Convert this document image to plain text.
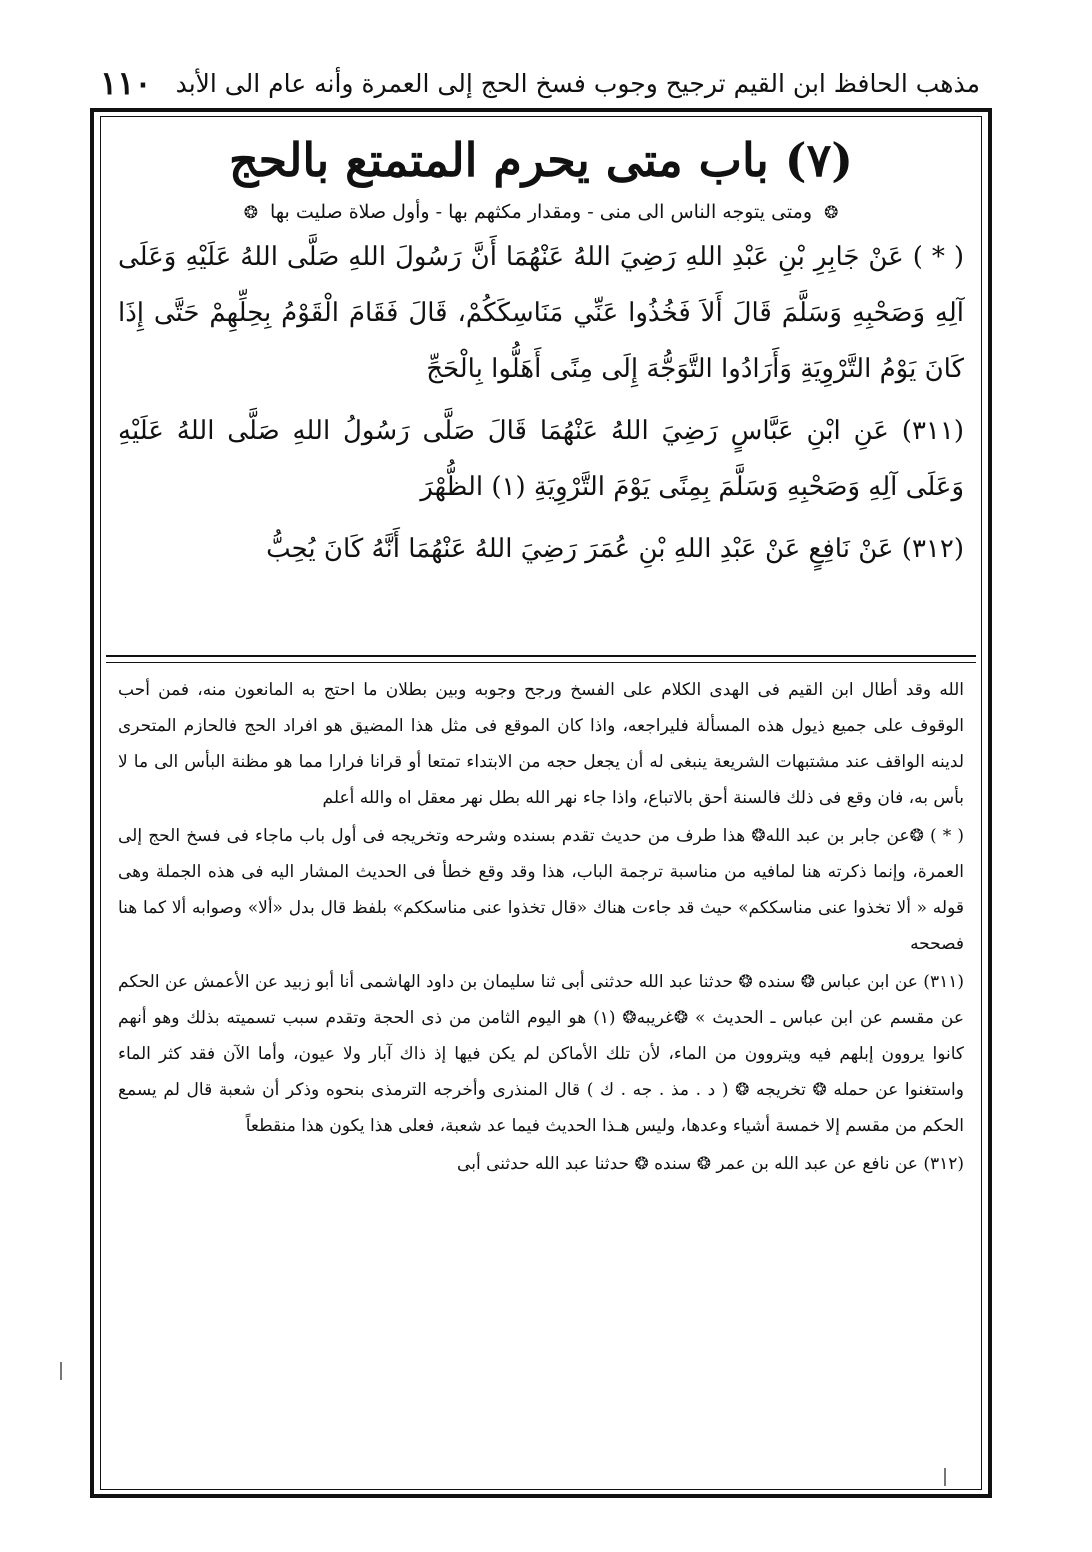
١١٠ مذهب الحافظ ابن القيم ترجيح وجوب فسخ الحج إلى العمرة وأنه عام الى الأبد
(٧) باب متى يحرم المتمتع بالحج
❂ ومتى يتوجه الناس الى منى - ومقدار مكثهم بها - وأول صلاة صليت بها ❂

( * ) عَنْ جَابِرِ بْنِ عَبْدِ اللهِ رَضِيَ اللهُ عَنْهُمَا أَنَّ رَسُولَ اللهِ صَلَّى اللهُ عَلَيْهِ وَعَلَى آلِهِ وَصَحْبِهِ وَسَلَّمَ قَالَ أَلاَ فَخُذُوا عَنِّي مَنَاسِكَكُمْ، قَالَ فَقَامَ الْقَوْمُ بِحِلِّهِمْ حَتَّى إِذَا كَانَ يَوْمُ التَّرْوِيَةِ وَأَرَادُوا التَّوَجُّهَ إِلَى مِنًى أَهَلُّوا بِالْحَجِّ

(٣١١) عَنِ ابْنِ عَبَّاسٍ رَضِيَ اللهُ عَنْهُمَا قَالَ صَلَّى رَسُولُ اللهِ صَلَّى اللهُ عَلَيْهِ وَعَلَى آلِهِ وَصَحْبِهِ وَسَلَّمَ بِمِنًى يَوْمَ التَّرْوِيَةِ (١) الظُّهْرَ

(٣١٢) عَنْ نَافِعٍ عَنْ عَبْدِ اللهِ بْنِ عُمَرَ رَضِيَ اللهُ عَنْهُمَا أَنَّهُ كَانَ يُحِبُّ

الله وقد أطال ابن القيم فى الهدى الكلام على الفسخ ورجح وجوبه وبين بطلان ما احتج به المانعون منه، فمن أحب الوقوف على جميع ذيول هذه المسألة فليراجعه، واذا كان الموقع فى مثل هذا المضيق هو افراد الحج فالحازم المتحرى لدينه الواقف عند مشتبهات الشريعة ينبغى له أن يجعل حجه من الابتداء تمتعا أو قرانا فرارا مما هو مظنة البأس الى ما لا بأس به، فان وقع فى ذلك فالسنة أحق بالاتباع، واذا جاء نهر الله بطل نهر معقل اه والله أعلم

( * ) ❂عن جابر بن عبد الله❂ هذا طرف من حديث تقدم بسنده وشرحه وتخريجه فى أول باب ماجاء فى فسخ الحج إلى العمرة، وإنما ذكرته هنا لمافيه من مناسبة ترجمة الباب، هذا وقد وقع خطأ فى الحديث المشار اليه فى هذه الجملة وهى قوله « ألا تخذوا عنى مناسككم» حيث قد جاءت هناك «قال تخذوا عنى مناسككم» بلفظ قال بدل «ألا» وصوابه ألا كما هنا فصححه

(٣١١) عن ابن عباس ❂ سنده ❂ حدثنا عبد الله حدثنى أبى ثنا سليمان بن داود الهاشمى أنا أبو زبيد عن الأعمش عن الحكم عن مقسم عن ابن عباس ـ الحديث » ❂غريبه❂ (١) هو اليوم الثامن من ذى الحجة وتقدم سبب تسميته بذلك وهو أنهم كانوا يروون إبلهم فيه ويتروون من الماء، لأن تلك الأماكن لم يكن فيها إذ ذاك آبار ولا عيون، وأما الآن فقد كثر الماء واستغنوا عن حمله ❂ تخريجه ❂ ( د . مذ . جه . ك ) قال المنذرى وأخرجه الترمذى بنحوه وذكر أن شعبة قال لم يسمع الحكم من مقسم إلا خمسة أشياء وعدها، وليس هـذا الحديث فيما عد شعبة، فعلى هذا يكون هذا منقطعاً

(٣١٢) عن نافع عن عبد الله بن عمر ❂ سنده ❂ حدثنا عبد الله حدثنى أبى
